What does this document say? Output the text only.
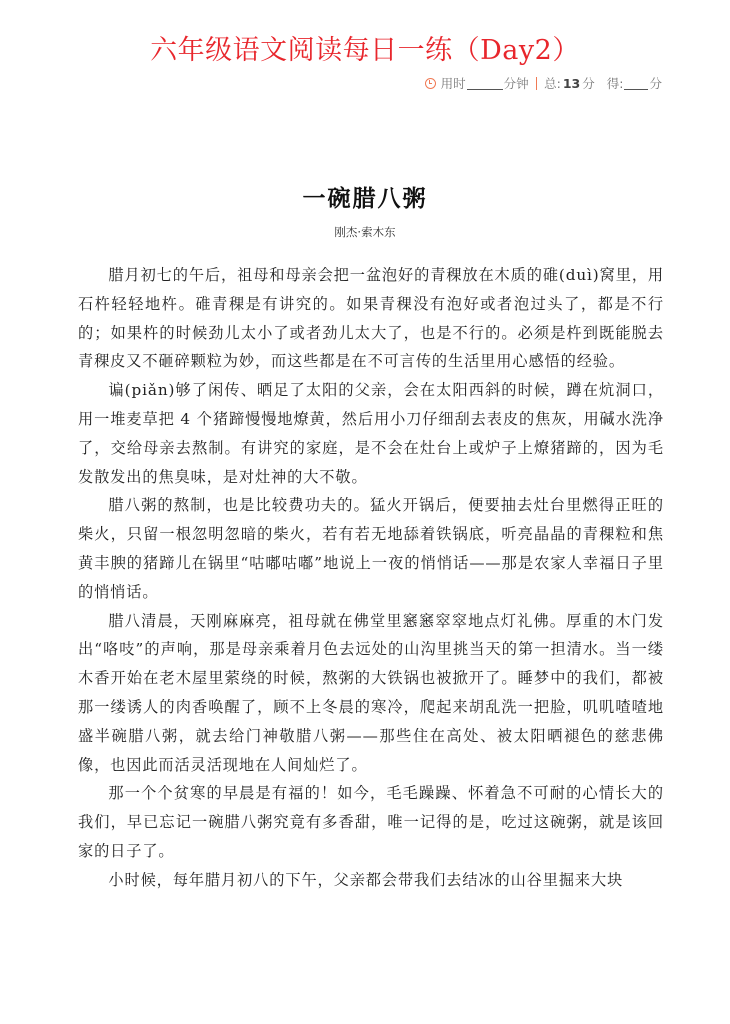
六年级语文阅读每日一练（Day2）
用时	分钟 总: 13 分 得: 分
一碗腊八粥
刚杰·索木东

腊月初七的午后，祖母和母亲会把一盆泡好的青稞放在木质的碓(duì)窝里，用石杵轻轻地杵。碓青稞是有讲究的。如果青稞没有泡好或者泡过头了，都是不行的；如果杵的时候劲儿太小了或者劲儿太大了，也是不行的。必须是杵到既能脱去青稞皮又不砸碎颗粒为妙，而这些都是在不可言传的生活里用心感悟的经验。

谝(piǎn)够了闲传、晒足了太阳的父亲，会在太阳西斜的时候，蹲在炕洞口，用一堆麦草把 4 个猪蹄慢慢地燎黄，然后用小刀仔细刮去表皮的焦灰，用碱水洗净了，交给母亲去熬制。有讲究的家庭，是不会在灶台上或炉子上燎猪蹄的，因为毛发散发出的焦臭味，是对灶神的大不敬。

腊八粥的熬制，也是比较费功夫的。猛火开锅后，便要抽去灶台里燃得正旺的柴火，只留一根忽明忽暗的柴火，若有若无地舔着铁锅底，听亮晶晶的青稞粒和焦黄丰腴的猪蹄儿在锅里“咕嘟咕嘟”地说上一夜的悄悄话——那是农家人幸福日子里的悄悄话。

腊八清晨，天刚麻麻亮，祖母就在佛堂里窸窸窣窣地点灯礼佛。厚重的木门发出“咯吱”的声响，那是母亲乘着月色去远处的山沟里挑当天的第一担清水。当一缕木香开始在老木屋里萦绕的时候，熬粥的大铁锅也被掀开了。睡梦中的我们，都被那一缕诱人的肉香唤醒了，顾不上冬晨的寒冷，爬起来胡乱洗一把脸，叽叽喳喳地盛半碗腊八粥，就去给门神敬腊八粥——那些住在高处、被太阳晒褪色的慈悲佛像，也因此而活灵活现地在人间灿烂了。

那一个个贫寒的早晨是有福的！如今，毛毛躁躁、怀着急不可耐的心情长大的我们，早已忘记一碗腊八粥究竟有多香甜，唯一记得的是，吃过这碗粥，就是该回家的日子了。

小时候，每年腊月初八的下午，父亲都会带我们去结冰的山谷里掘来大块
